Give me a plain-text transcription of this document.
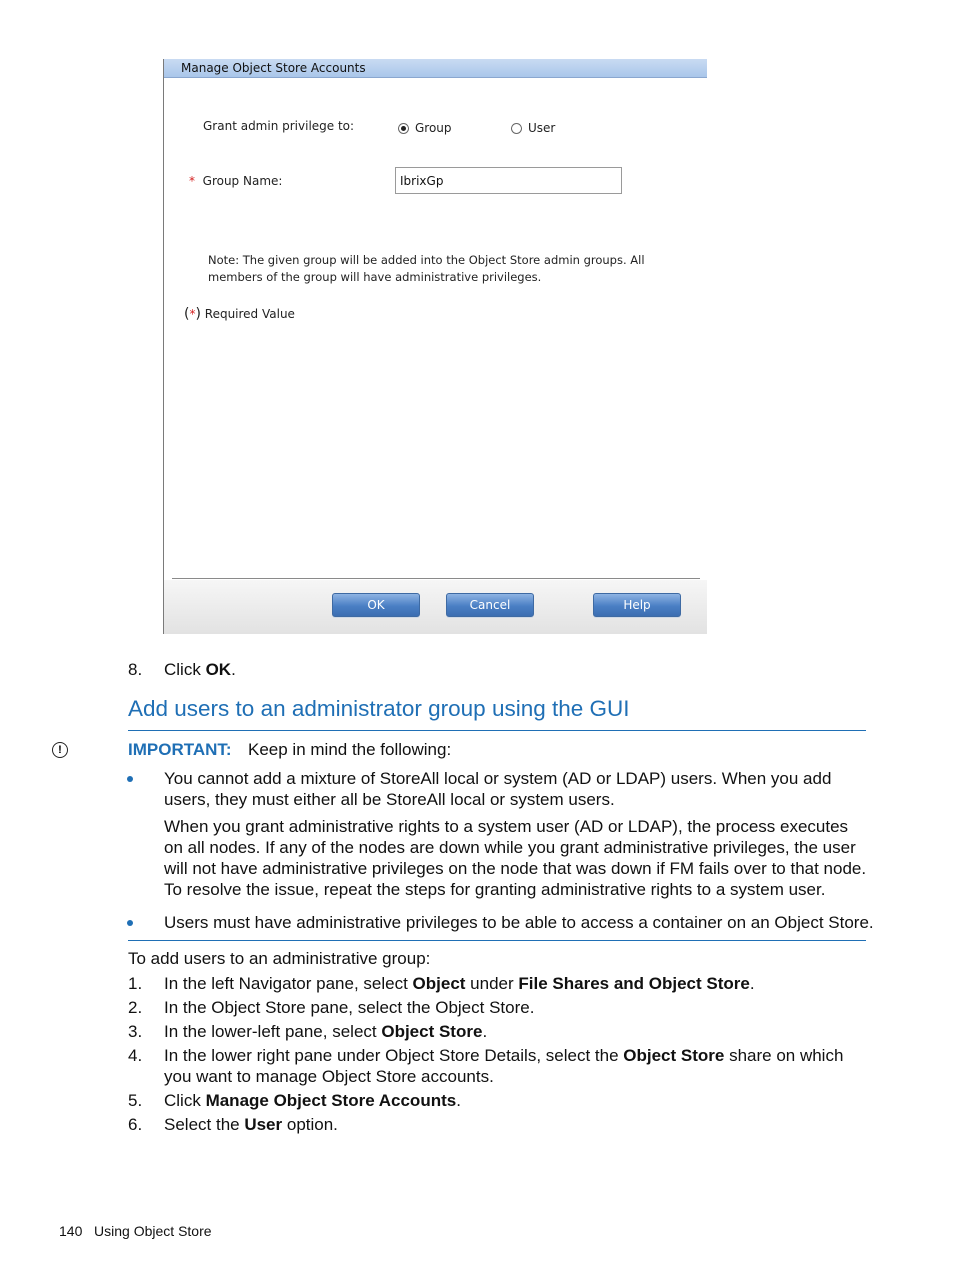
Manage Object Store Accounts
Grant admin privilege to:	Group	User
* Group Name:
IbrixGp
Note: The given group will be added into the Object Store admin groups. All
members of the group will have administrative privileges.
(*) Required Value
OK	Cancel	Help
8. Click OK.
Add users to an administrator group using the GUI
!	IMPORTANT: Keep in mind the following:
You cannot add a mixture of StoreAll local or system (AD or LDAP) users. When you add users, they must either all be StoreAll local or system users.
When you grant administrative rights to a system user (AD or LDAP), the process executes on all nodes. If any of the nodes are down while you grant administrative privileges, the user will not have administrative privileges on the node that was down if FM fails over to that node. To resolve the issue, repeat the steps for granting administrative rights to a system user.
Users must have administrative privileges to be able to access a container on an Object Store.
To add users to an administrative group:
1. In the left Navigator pane, select Object under File Shares and Object Store.
2. In the Object Store pane, select the Object Store.
3. In the lower-left pane, select Object Store.
4. In the lower right pane under Object Store Details, select the Object Store share on which you want to manage Object Store accounts.
5. Click Manage Object Store Accounts.
6. Select the User option.
140 Using Object Store
